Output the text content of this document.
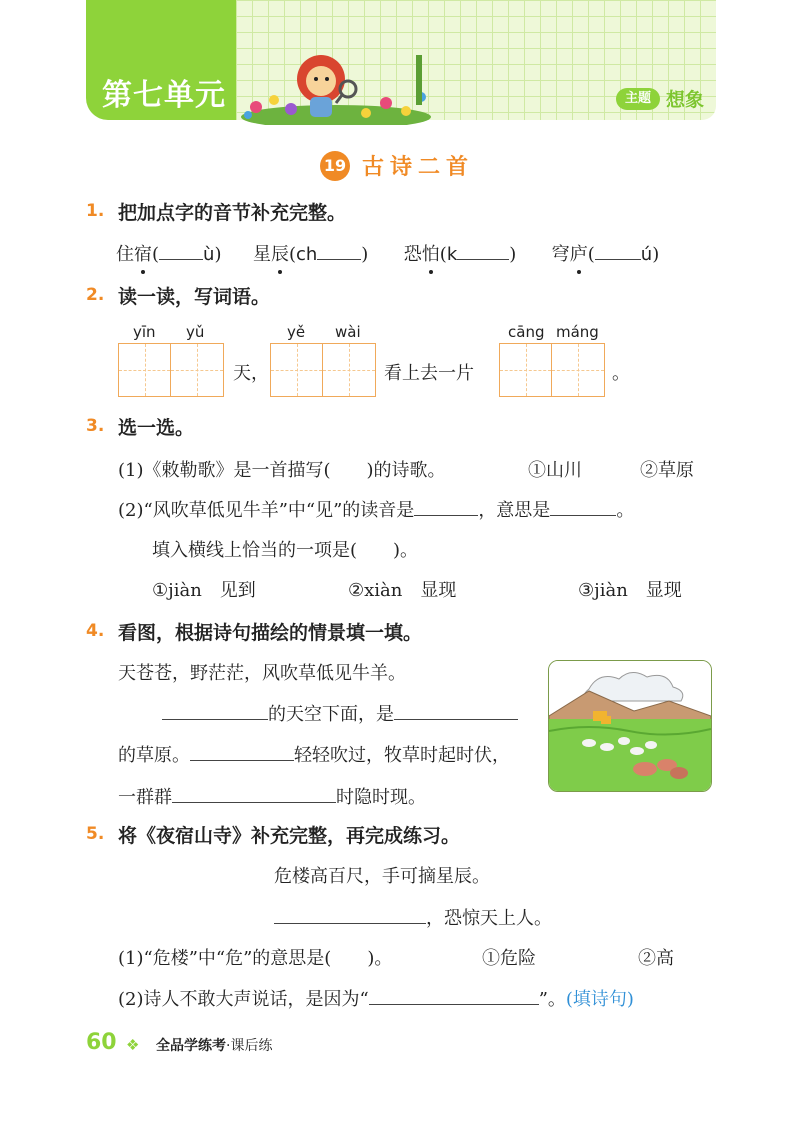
第七单元	主题 想象
19 古诗二首
1. 把加点字的音节补充完整。
住宿( ù) 星辰(ch ) 恐怕(k	) 穹庐(	ú)
2. 读一读，写词语。
yīn yǔ	yě wài	cāng máng
天，	看上去一片	。
3. 选一选。
(1)《敕勒歌》是一首描写(　　)的诗歌。	①山川	②草原
(2)“风吹草低见牛羊”中“见”的读音是	，意思是	。
填入横线上恰当的一项是(　　)。
①jiàn　见到	②xiàn　显现	③jiàn　显现
4. 看图，根据诗句描绘的情景填一填。
天苍苍，野茫茫，风吹草低见牛羊。
的天空下面，是
的草原。	轻轻吹过，牧草时起时伏，
一群群	时隐时现。
5. 将《夜宿山寺》补充完整，再完成练习。
危楼高百尺，手可摘星辰。
，恐惊天上人。
(1)“危楼”中“危”的意思是(　　)。	①危险	②高
(2)诗人不敢大声说话，是因为“	”。(填诗句)
60 ❖ 全品学练考·课后练
